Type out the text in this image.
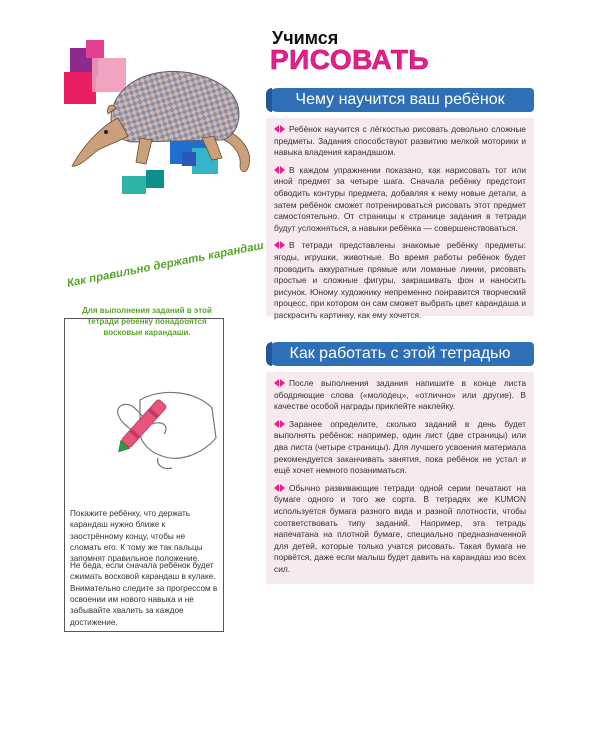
Учимся
РИСОВАТЬ
Чему научится ваш ребёнок

Ребёнок научится с лёгкостью рисовать довольно сложные предметы. Задания способствуют развитию мелкой моторики и навыка владения карандашом.

В каждом упражнении показано, как нарисовать тот или иной предмет за четыре шага. Сначала ребёнку предстоит обводить контуры предмета, добавляя к нему новые детали, а затем ребёнок сможет потренироваться рисовать этот предмет самостоятельно. От страницы к странице задания в тетради будут усложняться, а навыки ребёнка — совершенствоваться.

В тетради представлены знакомые ребёнку предметы: ягоды, игрушки, животные. Во время работы ребёнок будет проводить аккуратные прямые или ломаные линии, рисовать простые и сложные фигуры, закрашивать фон и наносить рисунок. Юному художнику непременно понравится творческий процесс, при котором он сам сможет выбрать цвет карандаша и раскрасить картинку, как ему хочется.

Как работать с этой тетрадью

После выполнения задания напишите в конце листа ободряющие слова («молодец», «отлично» или другие). В качестве особой награды приклейте наклейку.

Заранее определите, сколько заданий в день будет выполнять ребёнок: например, один лист (две страницы) или два листа (четыре страницы). Для лучшего усвоения материала рекомендуется заканчивать занятия, пока ребёнок не устал и ещё хочет немного позаниматься.

Обычно развивающие тетради одной серии печатают на бумаге одного и того же сорта. В тетрадях же KUMON используется бумага разного вида и разной плотности, чтобы соответствовать типу заданий. Например, эта тетрадь напечатана на плотной бумаге, специально предназначенной для детей, которые только учатся рисовать. Такая бумага не порвётся, даже если малыш будет давить на карандаш изо всех сил.

Как правильно держать карандаш
Для выполнения заданий в этой тетради ребёнку понадобятся восковые карандаши.
Покажите ребёнку, что держать карандаш нужно ближе к заострённому концу, чтобы не сломать его. К тому же так пальцы запомнят правильное положение.
Не беда, если сначала ребёнок будет сжимать восковой карандаш в кулаке. Внимательно следите за прогрессом в освоении им нового навыка и не забывайте хвалить за каждое достижение.
